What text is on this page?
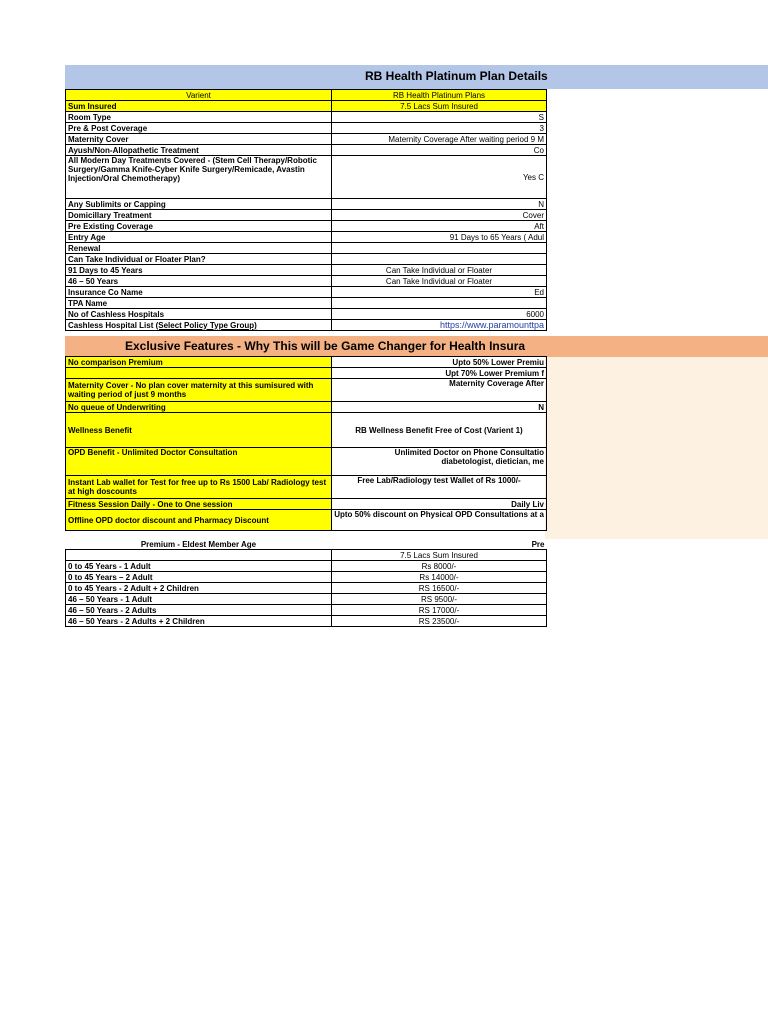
RB Health Platinum Plan Details
Varient	RB Health Platinum Plans
Sum Insured	7.5 Lacs Sum Insured
Room Type	S
Pre & Post Coverage	3
Maternity Cover	Maternity Coverage After waiting period 9 M
Ayush/Non-Allopathetic Treatment	Co
All Modern Day Treatments Covered - (Stem Cell Therapy/Robotic Surgery/Gamma Knife-Cyber Knife Surgery/Remicade, Avastin Injection/Oral Chemotherapy)	Yes C
Any Sublimits or Capping	N
Domicillary Treatment	Cover
Pre Existing Coverage	Aft
Entry Age	91 Days to 65 Years ( Adul
Renewal	
Can Take Individual or Floater Plan?	
91 Days to 45 Years	Can Take Individual or Floater
46 – 50 Years	Can Take Individual or Floater
Insurance Co Name	Ed
TPA Name	
No of Cashless Hospitals	6000
Cashless Hospital List (Select Policy Type Group)	https://www.paramounttpa
Exclusive Features - Why This will be Game Changer for Health Insura
No comparison Premium	Upto 50% Lower Premiu
	Upt 70% Lower Premium f
Maternity Cover - No plan cover maternity at this sumisured with waiting period of just 9 months	Maternity Coverage After
No queue of Underwriting	N
Wellness Benefit	RB Wellness Benefit Free of Cost (Varient 1)
OPD Benefit - Unlimited Doctor Consultation	Unlimited Doctor on Phone Consultatio
diabetologist, dietician, me

Instant Lab wallet for Test for free up to Rs 1500 Lab/ Radiology test at high doscounts	Free Lab/Radiology test Wallet of Rs 1000/-
Fitness Session Daily - One to One session	Daily Liv
Offline OPD doctor discount and Pharmacy Discount	Upto 50% discount on Physical OPD Consultations at a
Premium - Eldest Member Age	Pre
	7.5 Lacs Sum Insured
0 to 45 Years - 1 Adult	Rs 8000/-
0 to 45 Years – 2 Adult	Rs 14000/-
0 to 45 Years - 2 Adult + 2 Children	RS 16500/-
46 – 50 Years - 1 Adult	RS 9500/-
46 – 50 Years - 2 Adults	RS 17000/-
46 – 50 Years - 2 Adults + 2 Children	RS 23500/-
